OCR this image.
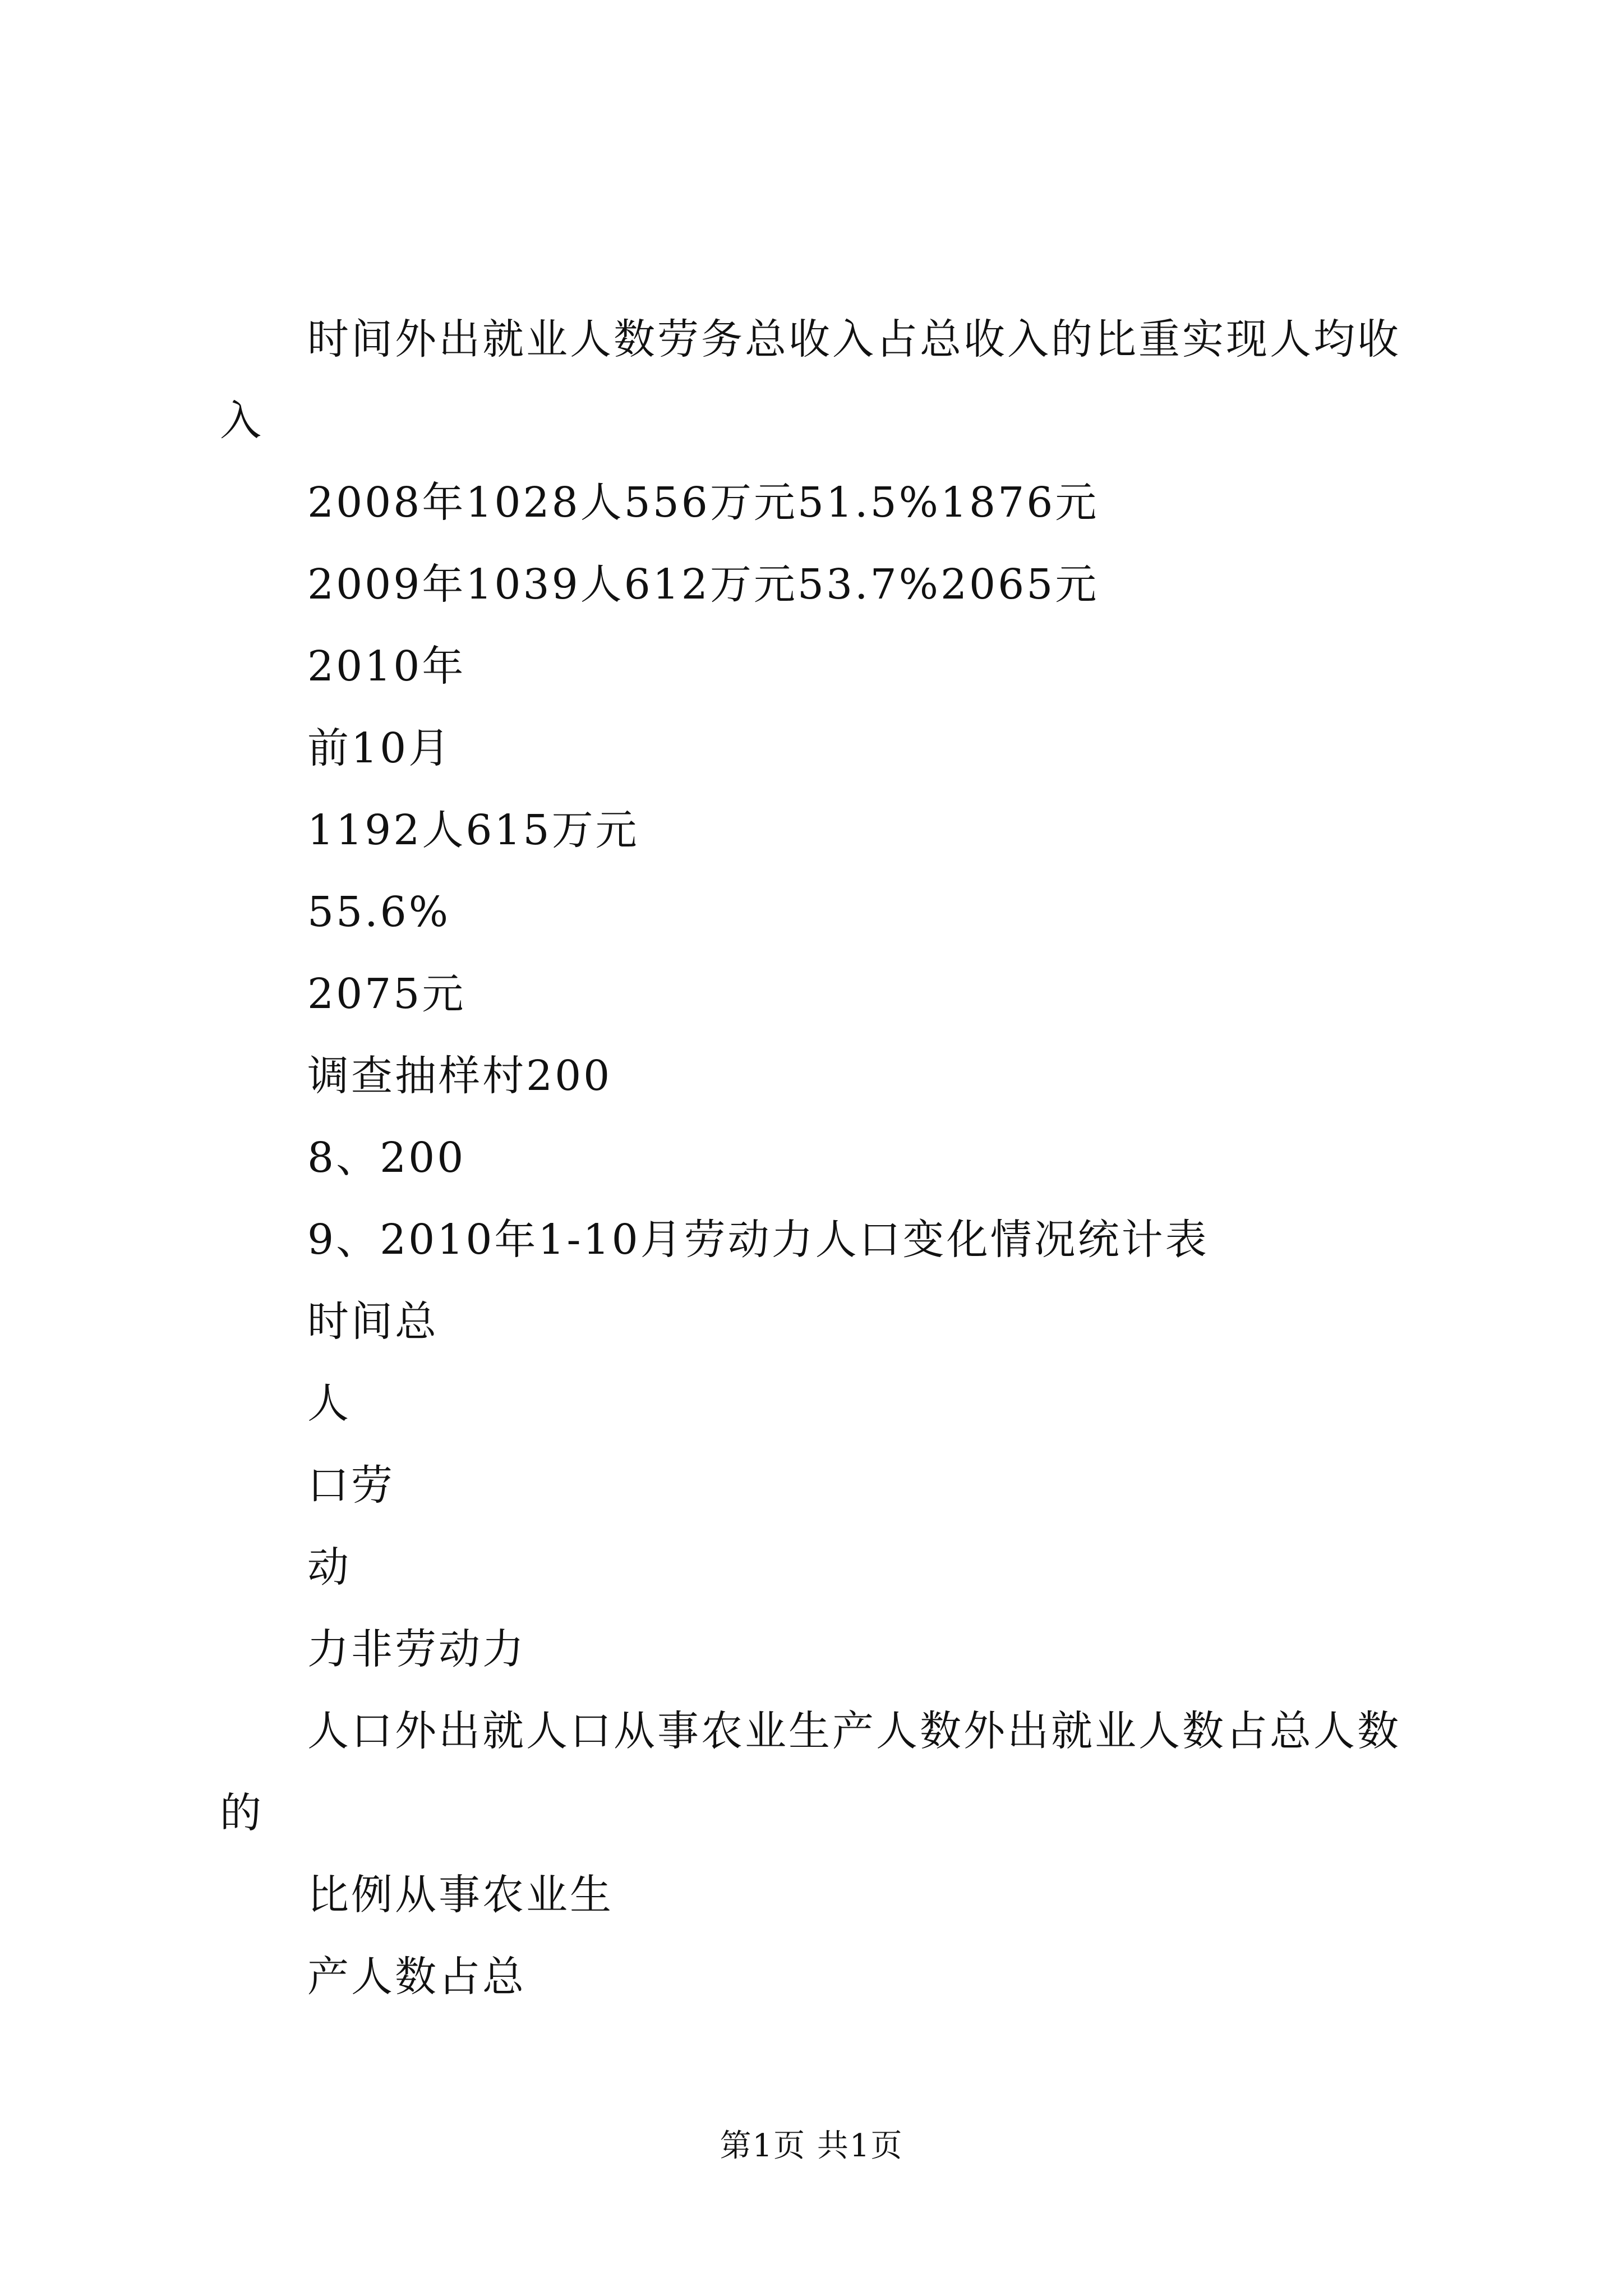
时间外出就业人数劳务总收入占总收入的比重实现人均收
入
2008年1028人556万元51.5%1876元
2009年1039人612万元53.7%2065元
2010年
前10月
1192人615万元
55.6%
2075元
调查抽样村200
8、200
9、2010年1-10月劳动力人口变化情况统计表
时间总
人
口劳
动
力非劳动力
人口外出就人口从事农业生产人数外出就业人数占总人数
的
比例从事农业生
产人数占总
第1页 共1页
